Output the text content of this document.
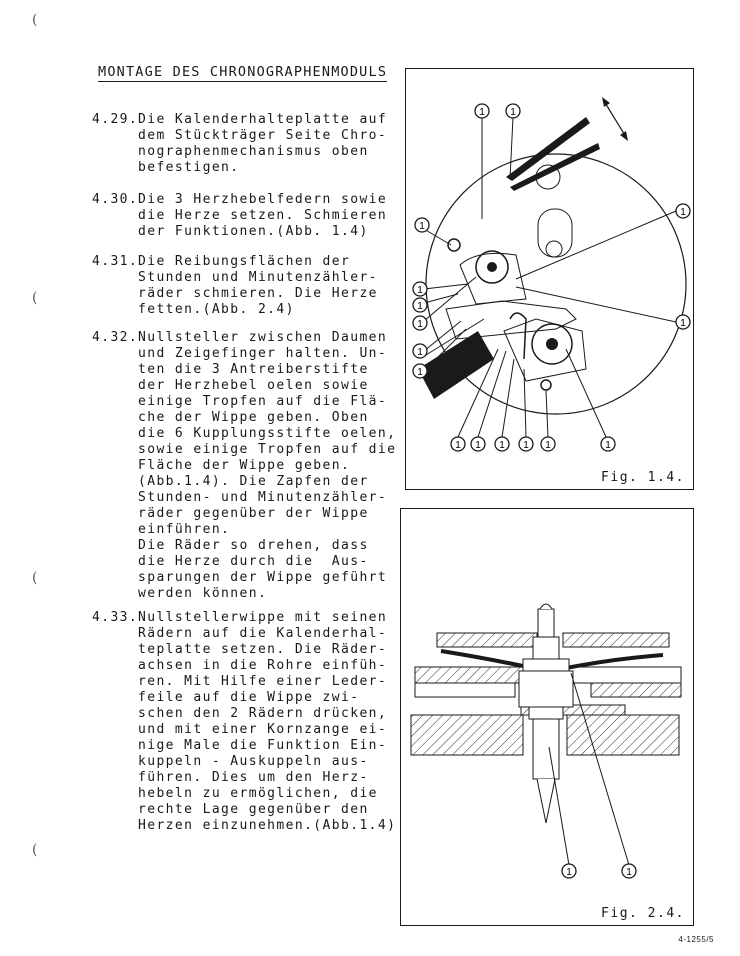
(
(
(
(
MONTAGE DES CHRONOGRAPHENMODULS
4.29.Die Kalenderhalteplatte auf
dem Stückträger Seite Chro-
nographenmechanismus oben
befestigen.
4.30.Die 3 Herzhebelfedern sowie
die Herze setzen. Schmieren
der Funktionen.(Abb. 1.4)
4.31.Die Reibungsflächen der
Stunden und Minutenzähler-
räder schmieren. Die Herze
fetten.(Abb. 2.4)
4.32.Nullsteller zwischen Daumen
und Zeigefinger halten. Un-
ten die 3 Antreiberstifte
der Herzhebel oelen sowie
einige Tropfen auf die Flä-
che der Wippe geben. Oben
die 6 Kupplungsstifte oelen,
sowie einige Tropfen auf die
Fläche der Wippe geben.
(Abb.1.4). Die Zapfen der
Stunden- und Minutenzähler-
räder gegenüber der Wippe
einführen.
Die Räder so drehen, dass
die Herze durch die  Aus-
sparungen der Wippe geführt
werden können.
4.33.Nullstellerwippe mit seinen
Rädern auf die Kalenderhal-
teplatte setzen. Die Räder-
achsen in die Rohre einfüh-
ren. Mit Hilfe einer Leder-
feile auf die Wippe zwi-
schen den 2 Rädern drücken,
und mit einer Kornzange ei-
nige Male die Funktion Ein-
kuppeln - Auskuppeln aus-
führen. Dies um den Herz-
hebeln zu ermöglichen, die
rechte Lage gegenüber den
Herzen einzunehmen.(Abb.1.4)
1	1
1
1
1
1
1	1
1
1
1 1 1 1 1	1
Fig. 1.4.
1	1
Fig. 2.4.
4-1255/5
